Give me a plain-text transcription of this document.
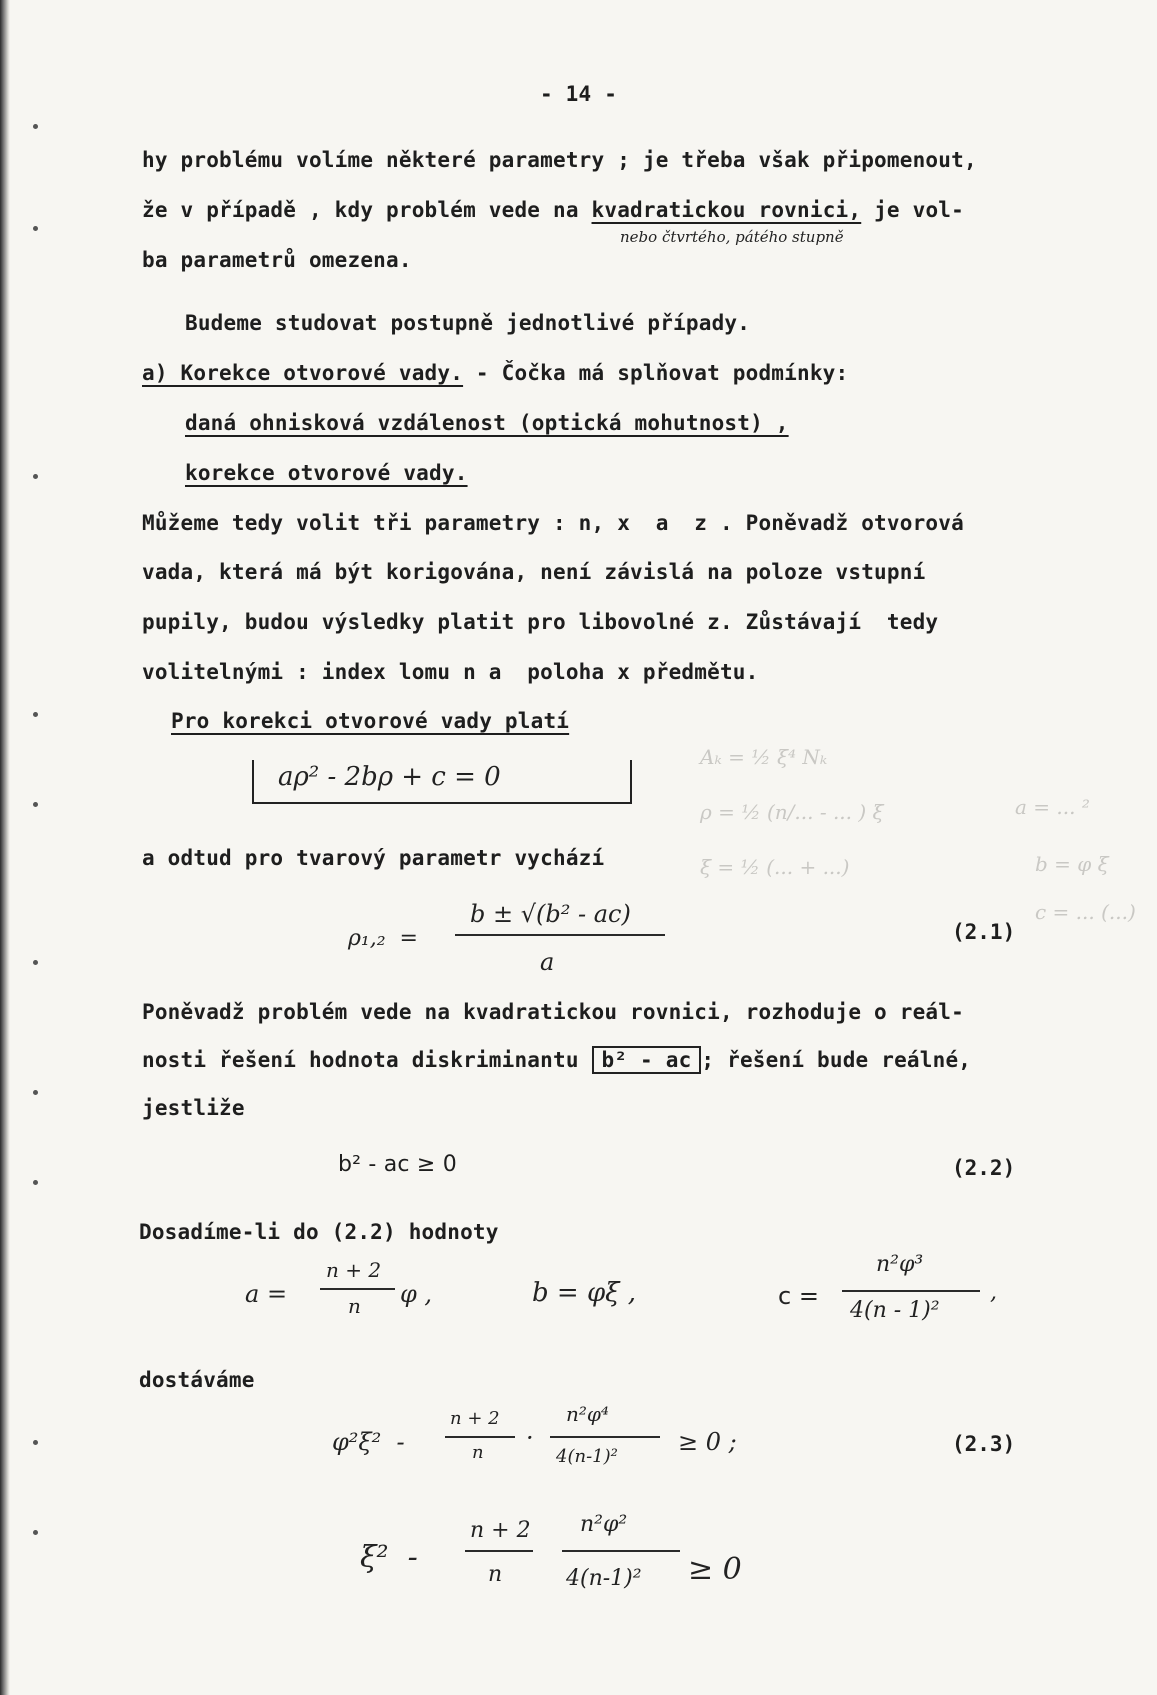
- 14 -
hy problému volíme některé parametry ; je třeba však připomenout,
že v případě , kdy problém vede na kvadratickou rovnici, je vol-
nebo čtvrtého, pátého stupně
ba parametrů omezena.
Budeme studovat postupně jednotlivé případy.
a) Korekce otvorové vady. - Čočka má splňovat podmínky:
daná ohnisková vzdálenost (optická mohutnost) ,
korekce otvorové vady.
Můžeme tedy volit tři parametry : n, x  a  z . Poněvadž otvorová
vada, která má být korigována, není závislá na poloze vstupní
pupily, budou výsledky platit pro libovolné z. Zůstávají  tedy
volitelnými : index lomu n a  poloha x předmětu.
Pro korekci otvorové vady platí
aρ² - 2bρ + c = 0
a odtud pro tvarový parametr vychází
ρ₁,₂  =
b ± √(b² - ac)
a
(2.1)
Aₖ = ½ ξ⁴ Nₖ
ρ = ½ (n/... - ... ) ξ
ξ = ½ (... + ...)
a = ... ²
b = φ ξ
c = ... (...)
Poněvadž problém vede na kvadratickou rovnici, rozhoduje o reál-
nosti řešení hodnota diskriminantu b² - ac ; řešení bude reálné,
jestliže
b² - ac ≥ 0	(2.2)
Dosadíme-li do (2.2) hodnoty
a =
n + 2
n φ ,	b = φξ ,	c =
n²φ³
4(n - 1)²
,
dostáváme
φ²ξ²  -
n + 2
n
·
n²φ⁴
4(n-1)²
≥ 0 ;	(2.3)
ξ²  -
n + 2
n
n²φ²
4(n-1)² ≥ 0
